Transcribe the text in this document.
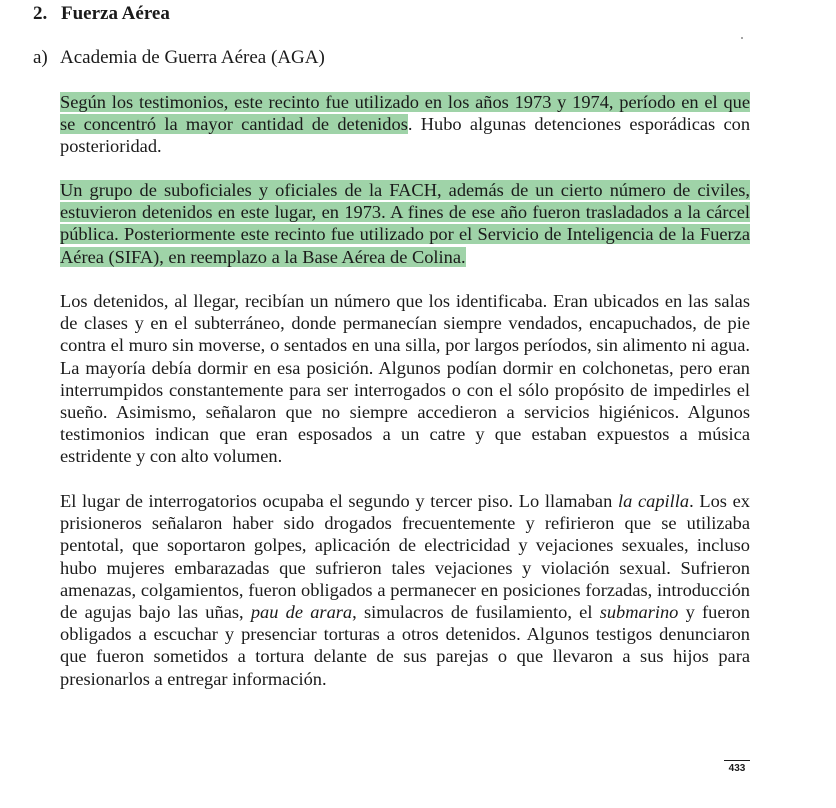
2. Fuerza Aérea
a) Academia de Guerra Aérea (AGA)

Según los testimonios, este recinto fue utilizado en los años 1973 y 1974, período en el que se concentró la mayor cantidad de detenidos. Hubo algunas detenciones esporádicas con posterioridad.

Un grupo de suboficiales y oficiales de la FACH, además de un cierto número de civiles, estuvieron detenidos en este lugar, en 1973. A fines de ese año fueron trasladados a la cárcel pública. Posteriormente este recinto fue utilizado por el Servicio de Inteligencia de la Fuerza Aérea (SIFA), en reemplazo a la Base Aérea de Colina.

Los detenidos, al llegar, recibían un número que los identificaba. Eran ubicados en las salas de clases y en el subterráneo, donde permanecían siempre vendados, encapuchados, de pie contra el muro sin moverse, o sentados en una silla, por largos períodos, sin alimento ni agua. La mayoría debía dormir en esa posición. Algunos podían dormir en colchonetas, pero eran interrumpidos constantemente para ser interrogados o con el sólo propósito de impedirles el sueño. Asimismo, señalaron que no siempre accedieron a servicios higiénicos. Algunos testimonios indican que eran esposados a un catre y que estaban expuestos a música estridente y con alto volumen.

El lugar de interrogatorios ocupaba el segundo y tercer piso. Lo llamaban la capilla. Los ex prisioneros señalaron haber sido drogados frecuentemente y refirieron que se utilizaba pentotal, que soportaron golpes, aplicación de electricidad y vejaciones sexuales, incluso hubo mujeres embarazadas que sufrieron tales vejaciones y violación sexual. Sufrieron amenazas, colgamientos, fueron obligados a permanecer en posiciones forzadas, introducción de agujas bajo las uñas, pau de arara, simulacros de fusilamiento, el submarino y fueron obligados a escuchar y presenciar torturas a otros detenidos. Algunos testigos denunciaron que fueron sometidos a tortura delante de sus parejas o que llevaron a sus hijos para presionarlos a entregar información.

433
